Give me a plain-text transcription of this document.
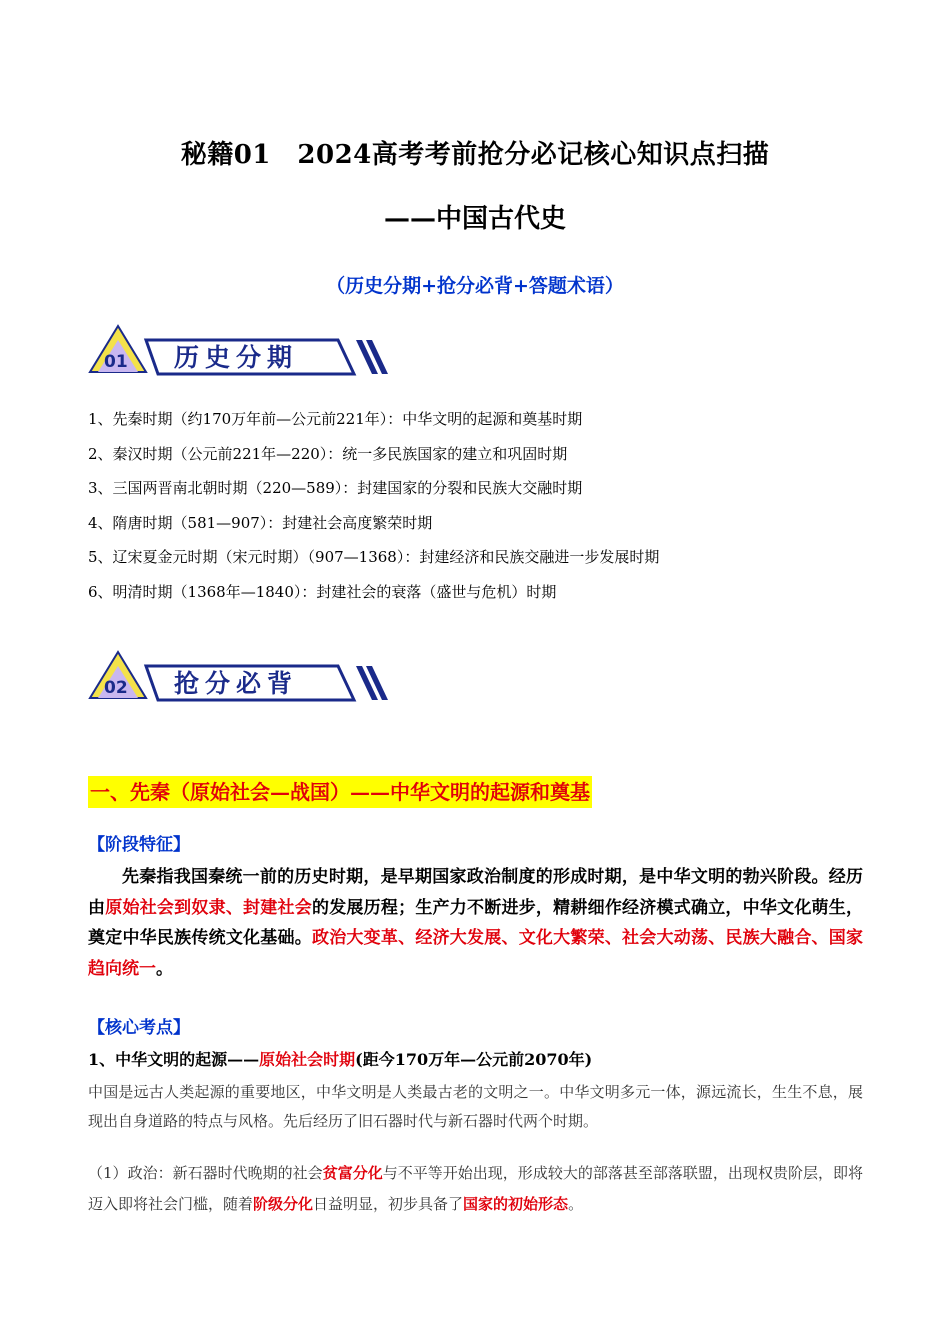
秘籍01　2024高考考前抢分必记核心知识点扫描
——中国古代史
（历史分期+抢分必背+答题术语）
01 历史分期
1、先秦时期（约170万年前—公元前221年）：中华文明的起源和奠基时期
2、秦汉时期（公元前221年—220）：统一多民族国家的建立和巩固时期
3、三国两晋南北朝时期（220—589）：封建国家的分裂和民族大交融时期
4、隋唐时期（581—907）：封建社会高度繁荣时期
5、辽宋夏金元时期（宋元时期）（907—1368）：封建经济和民族交融进一步发展时期
6、明清时期（1368年—1840）：封建社会的衰落（盛世与危机）时期
02 抢分必背
一、先秦（原始社会—战国）——中华文明的起源和奠基
【阶段特征】
先秦指我国秦统一前的历史时期，是早期国家政治制度的形成时期，是中华文明的勃兴阶段。经历由原始社会到奴隶、封建社会的发展历程；生产力不断进步，精耕细作经济模式确立，中华文化萌生，奠定中华民族传统文化基础。政治大变革、经济大发展、文化大繁荣、社会大动荡、民族大融合、国家趋向统一。
【核心考点】
1、中华文明的起源——原始社会时期(距今170万年—公元前2070年)
中国是远古人类起源的重要地区，中华文明是人类最古老的文明之一。中华文明多元一体，源远流长，生生不息，展现出自身道路的特点与风格。先后经历了旧石器时代与新石器时代两个时期。
（1）政治：新石器时代晚期的社会贫富分化与不平等开始出现，形成较大的部落甚至部落联盟，出现权贵阶层，即将迈入即将社会门槛，随着阶级分化日益明显，初步具备了国家的初始形态。
